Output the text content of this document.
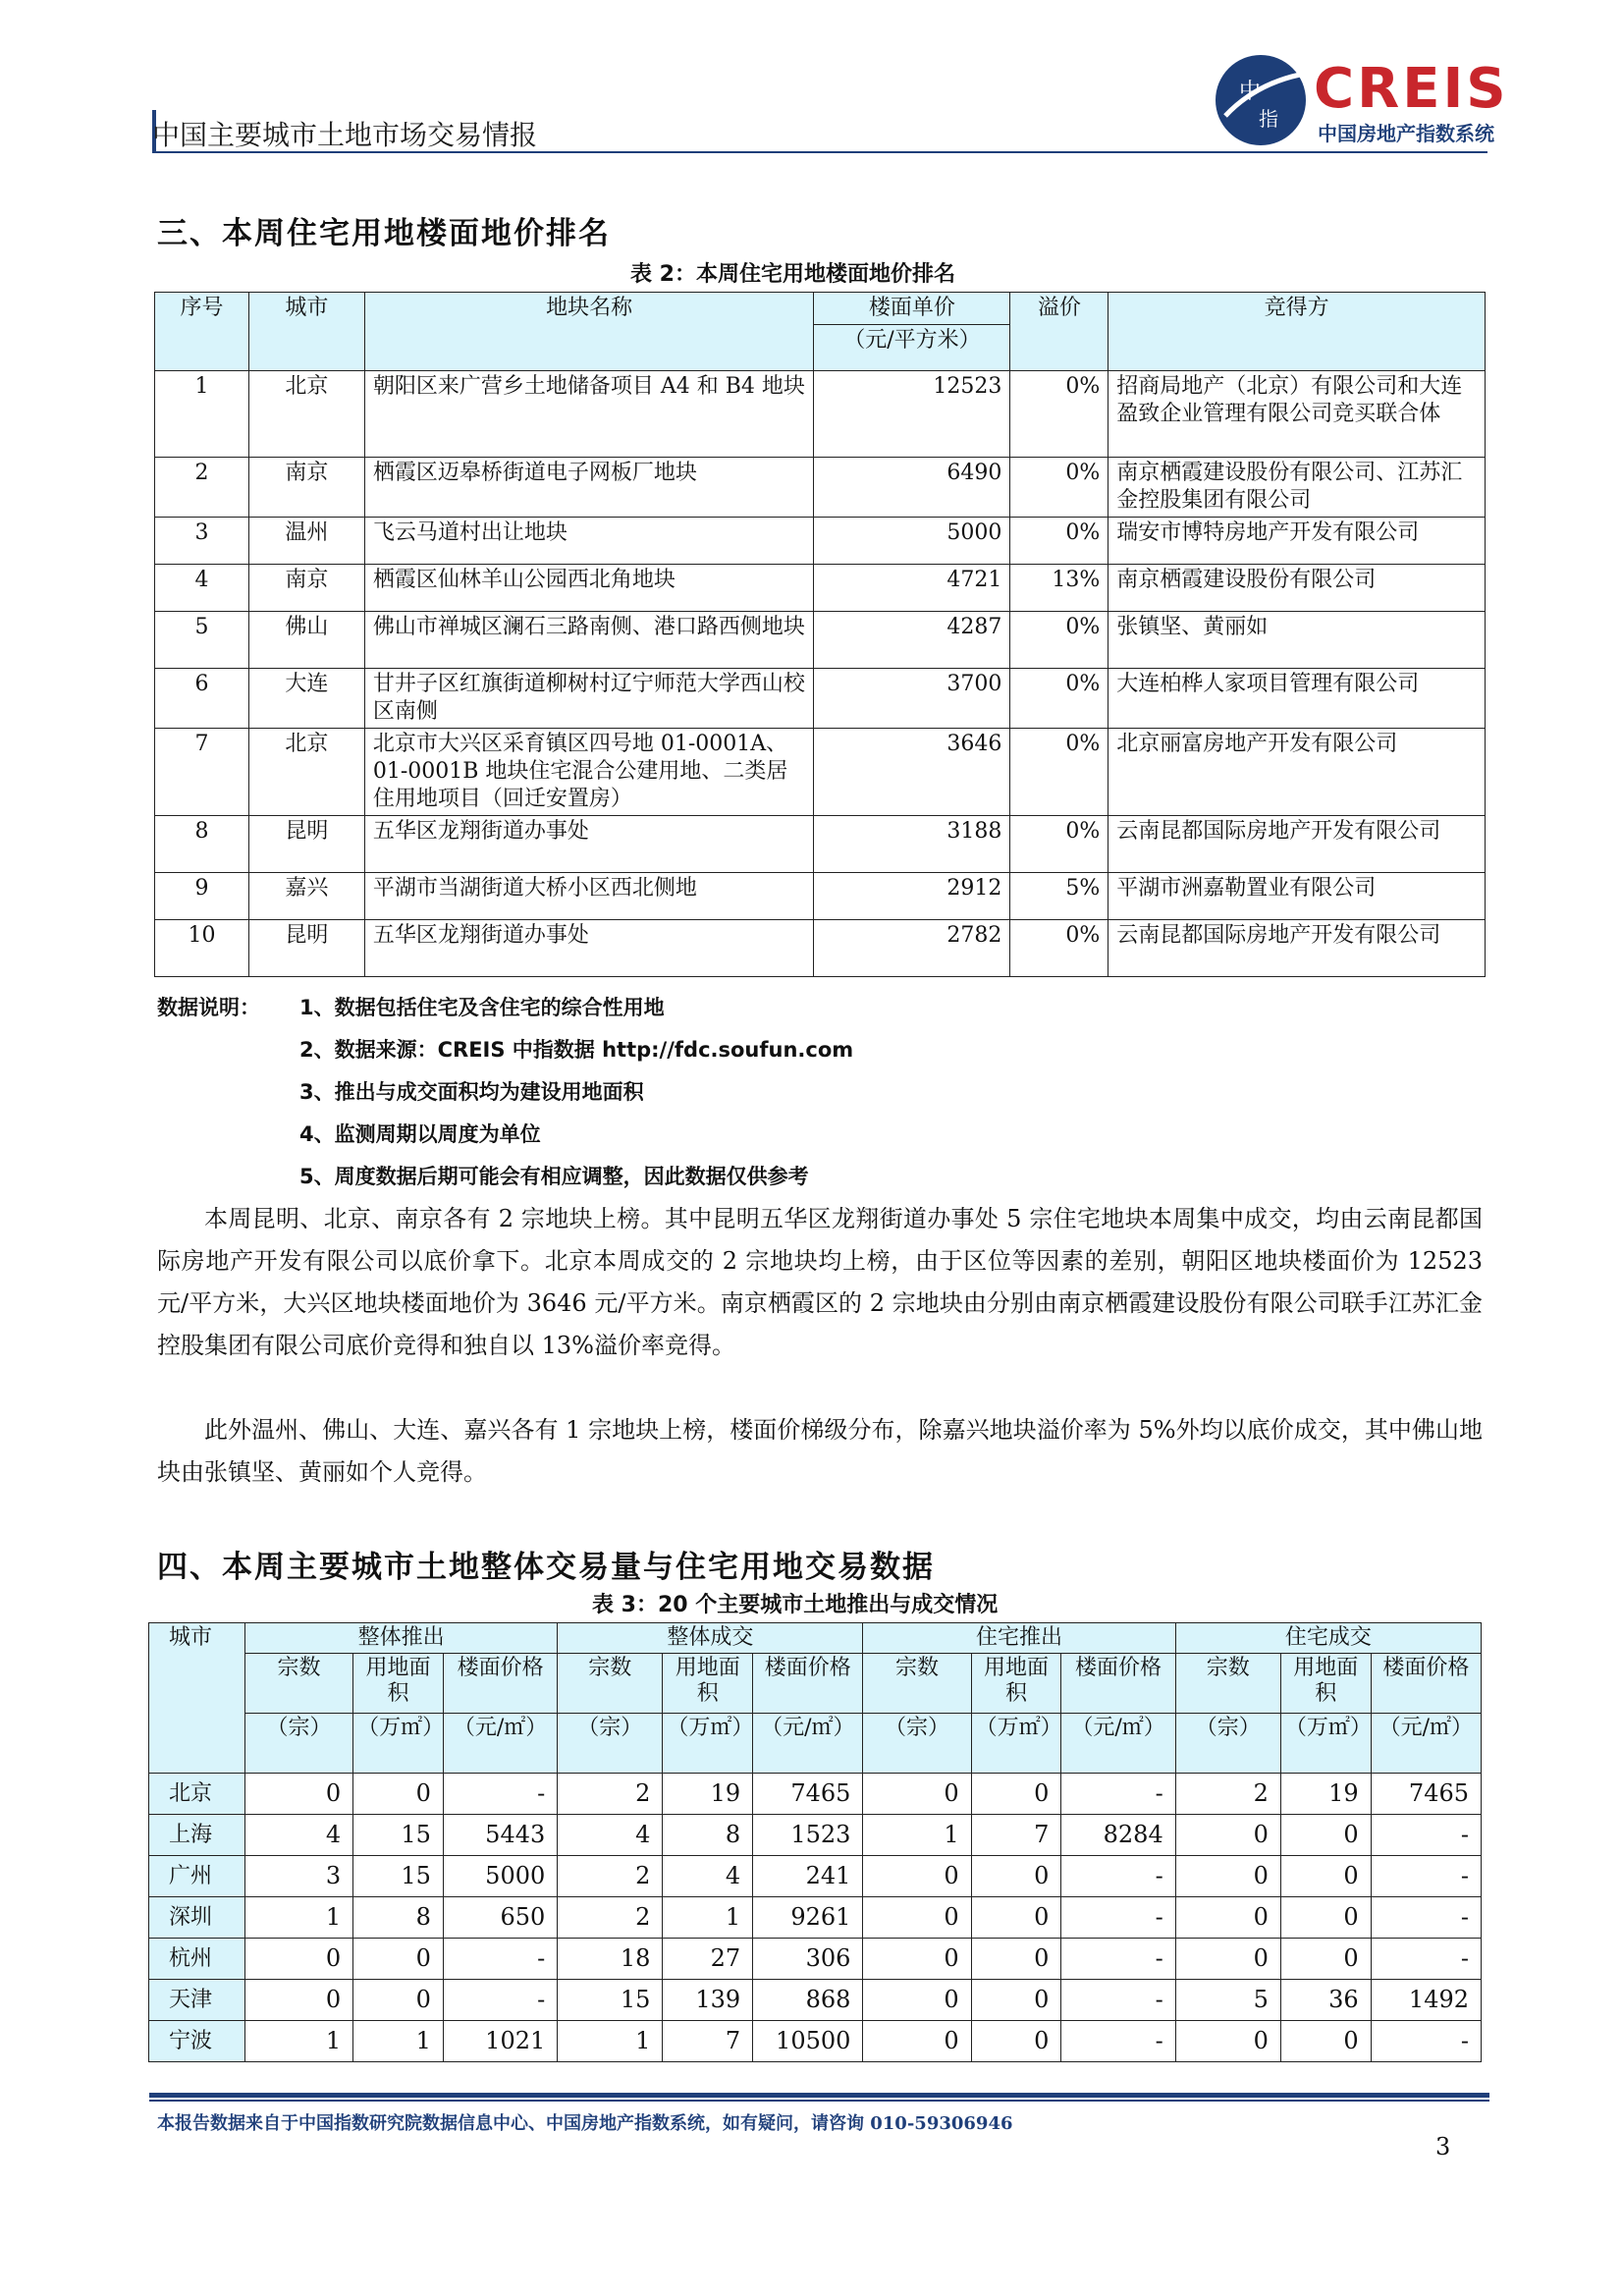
中国主要城市土地市场交易情报
中
指 CREIS
中国房地产指数系统
三、本周住宅用地楼面地价排名
表 2：本周住宅用地楼面地价排名
序号	城市	地块名称	楼面单价	溢价	竞得方
			（元/平方米）		
1	北京	朝阳区来广营乡土地储备项目 A4 和 B4 地块	12523	0%	招商局地产（北京）有限公司和大连盈致企业管理有限公司竞买联合体
2	南京	栖霞区迈皋桥街道电子网板厂地块	6490	0%	南京栖霞建设股份有限公司、江苏汇金控股集团有限公司
3	温州	飞云马道村出让地块	5000	0%	瑞安市博特房地产开发有限公司
4	南京	栖霞区仙林羊山公园西北角地块	4721	13%	南京栖霞建设股份有限公司
5	佛山	佛山市禅城区澜石三路南侧、港口路西侧地块	4287	0%	张镇坚、黄丽如
6	大连	甘井子区红旗街道柳树村辽宁师范大学西山校区南侧	3700	0%	大连柏桦人家项目管理有限公司
7	北京	北京市大兴区采育镇区四号地 01-0001A、01-0001B 地块住宅混合公建用地、二类居住用地项目（回迁安置房）	3646	0%	北京丽富房地产开发有限公司
8	昆明	五华区龙翔街道办事处	3188	0%	云南昆都国际房地产开发有限公司
9	嘉兴	平湖市当湖街道大桥小区西北侧地	2912	5%	平湖市洲嘉勒置业有限公司
10	昆明	五华区龙翔街道办事处	2782	0%	云南昆都国际房地产开发有限公司
数据说明： 1、数据包括住宅及含住宅的综合性用地
2、数据来源：CREIS 中指数据 http://fdc.soufun.com
3、推出与成交面积均为建设用地面积
4、监测周期以周度为单位
5、周度数据后期可能会有相应调整，因此数据仅供参考
本周昆明、北京、南京各有 2 宗地块上榜。其中昆明五华区龙翔街道办事处 5 宗住宅地块本周集中成交，均由云南昆都国际房地产开发有限公司以底价拿下。北京本周成交的 2 宗地块均上榜，由于区位等因素的差别，朝阳区地块楼面价为 12523 元/平方米，大兴区地块楼面地价为 3646 元/平方米。南京栖霞区的 2 宗地块由分别由南京栖霞建设股份有限公司联手江苏汇金控股集团有限公司底价竞得和独自以 13%溢价率竞得。
此外温州、佛山、大连、嘉兴各有 1 宗地块上榜，楼面价梯级分布，除嘉兴地块溢价率为 5%外均以底价成交，其中佛山地块由张镇坚、黄丽如个人竞得。
四、本周主要城市土地整体交易量与住宅用地交易数据
表 3：20 个主要城市土地推出与成交情况
城市	整体推出			整体成交			住宅推出			住宅成交		
	宗数	用地面积	楼面价格	宗数	用地面积	楼面价格	宗数	用地面积	楼面价格	宗数	用地面积	楼面价格
	（宗）	（万㎡）	（元/㎡）	（宗）	（万㎡）	（元/㎡）	（宗）	（万㎡）	（元/㎡）	（宗）	（万㎡）	（元/㎡）
北京	0	0	-	2	19	7465	0	0	-	2	19	7465
上海	4	15	5443	4	8	1523	1	7	8284	0	0	-
广州	3	15	5000	2	4	241	0	0	-	0	0	-
深圳	1	8	650	2	1	9261	0	0	-	0	0	-
杭州	0	0	-	18	27	306	0	0	-	0	0	-
天津	0	0	-	15	139	868	0	0	-	5	36	1492
宁波	1	1	1021	1	7	10500	0	0	-	0	0	-
本报告数据来自于中国指数研究院数据信息中心、中国房地产指数系统，如有疑问，请咨询 010-59306946
3
